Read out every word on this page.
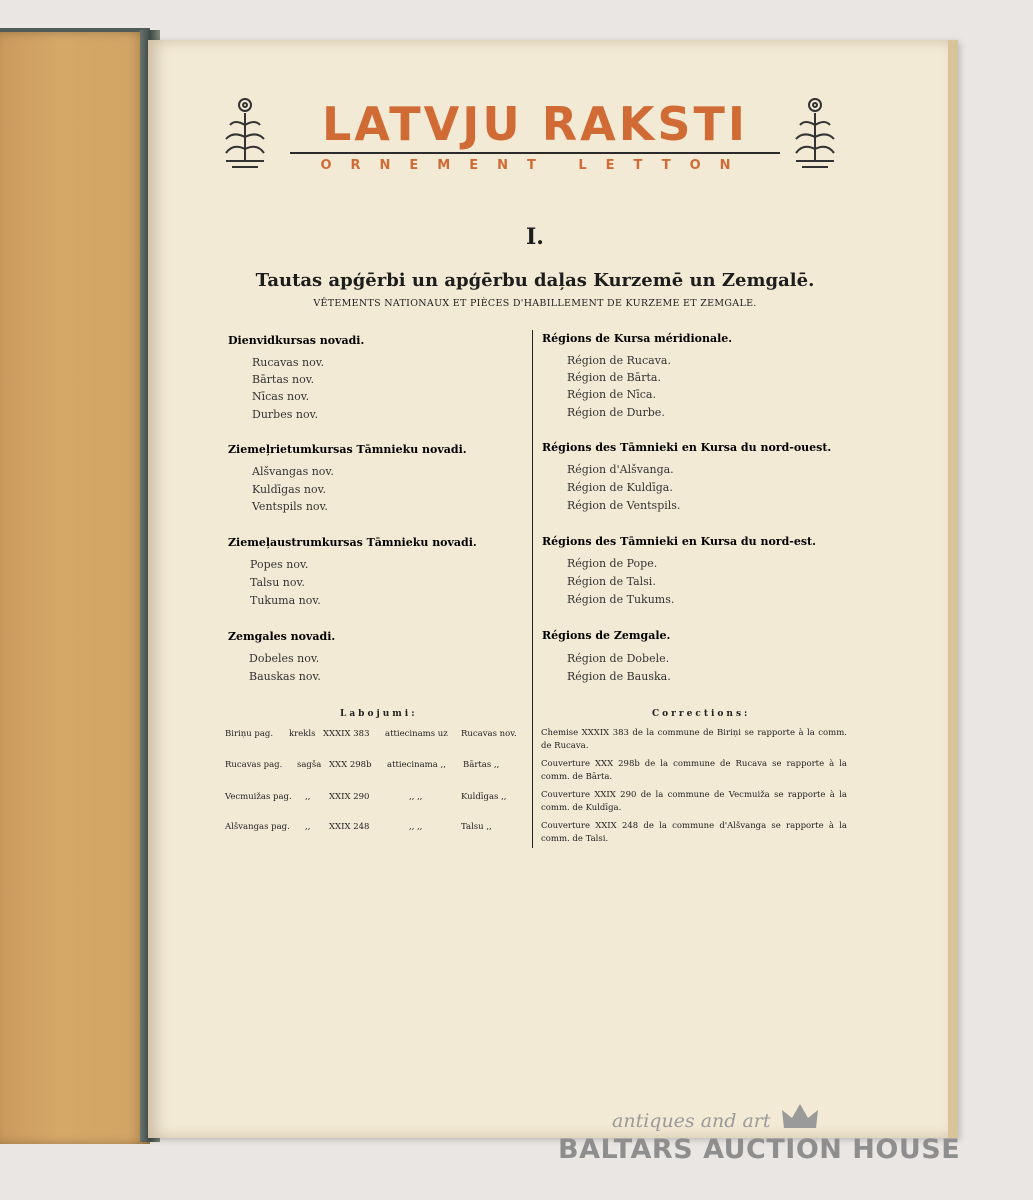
LATVJU RAKSTI
ORNEMENT LETTON
I.
Tautas apģērbi un apģērbu daļas Kurzemē un Zemgalē.
VÊTEMENTS NATIONAUX ET PIÈCES D'HABILLEMENT DE KURZEME ET ZEMGALE.
Dienvidkursas novadi.
Rucavas nov.
Bārtas nov.
Nīcas nov.
Durbes nov.
Ziemeļrietumkursas Tāmnieku novadi.
Alšvangas nov.
Kuldīgas nov.
Ventspils nov.
Ziemeļaustrumkursas Tāmnieku novadi.
Popes nov.
Talsu nov.
Tukuma nov.
Zemgales novadi.
Dobeles nov.
Bauskas nov.
Régions de Kursa méridionale.
Région de Rucava.
Région de Bārta.
Région de Nīca.
Région de Durbe.
Régions des Tāmnieki en Kursa du nord-ouest.
Région d'Alšvanga.
Région de Kuldīga.
Région de Ventspils.
Régions des Tāmnieki en Kursa du nord-est.
Région de Pope.
Région de Talsi.
Région de Tukums.
Régions de Zemgale.
Région de Dobele.
Région de Bauska.
Labojumi:	Corrections:
Biriņu pag. krekls XXXIX 383 attiecinams uz Rucavas nov.
Rucavas pag. sagša XXX 298b attiecinama ,, Bārtas ,,
Vecmuižas pag. ,, XXIX 290	,, ,,	Kuldīgas ,,
Alšvangas pag. ,, XXIX 248	,, ,,	Talsu ,,
Chemise XXXIX 383 de la commune de Biriņi se rapporte à la comm. de Rucava.
Couverture XXX 298b de la commune de Rucava se rapporte à la comm. de Bārta.
Couverture XXIX 290 de la commune de Vecmuiža se rapporte à la comm. de Kuldīga.
Couverture XXIX 248 de la commune d'Alšvanga se rapporte à la comm. de Talsi.
antiques and art
BALTARS AUCTION HOUSE
